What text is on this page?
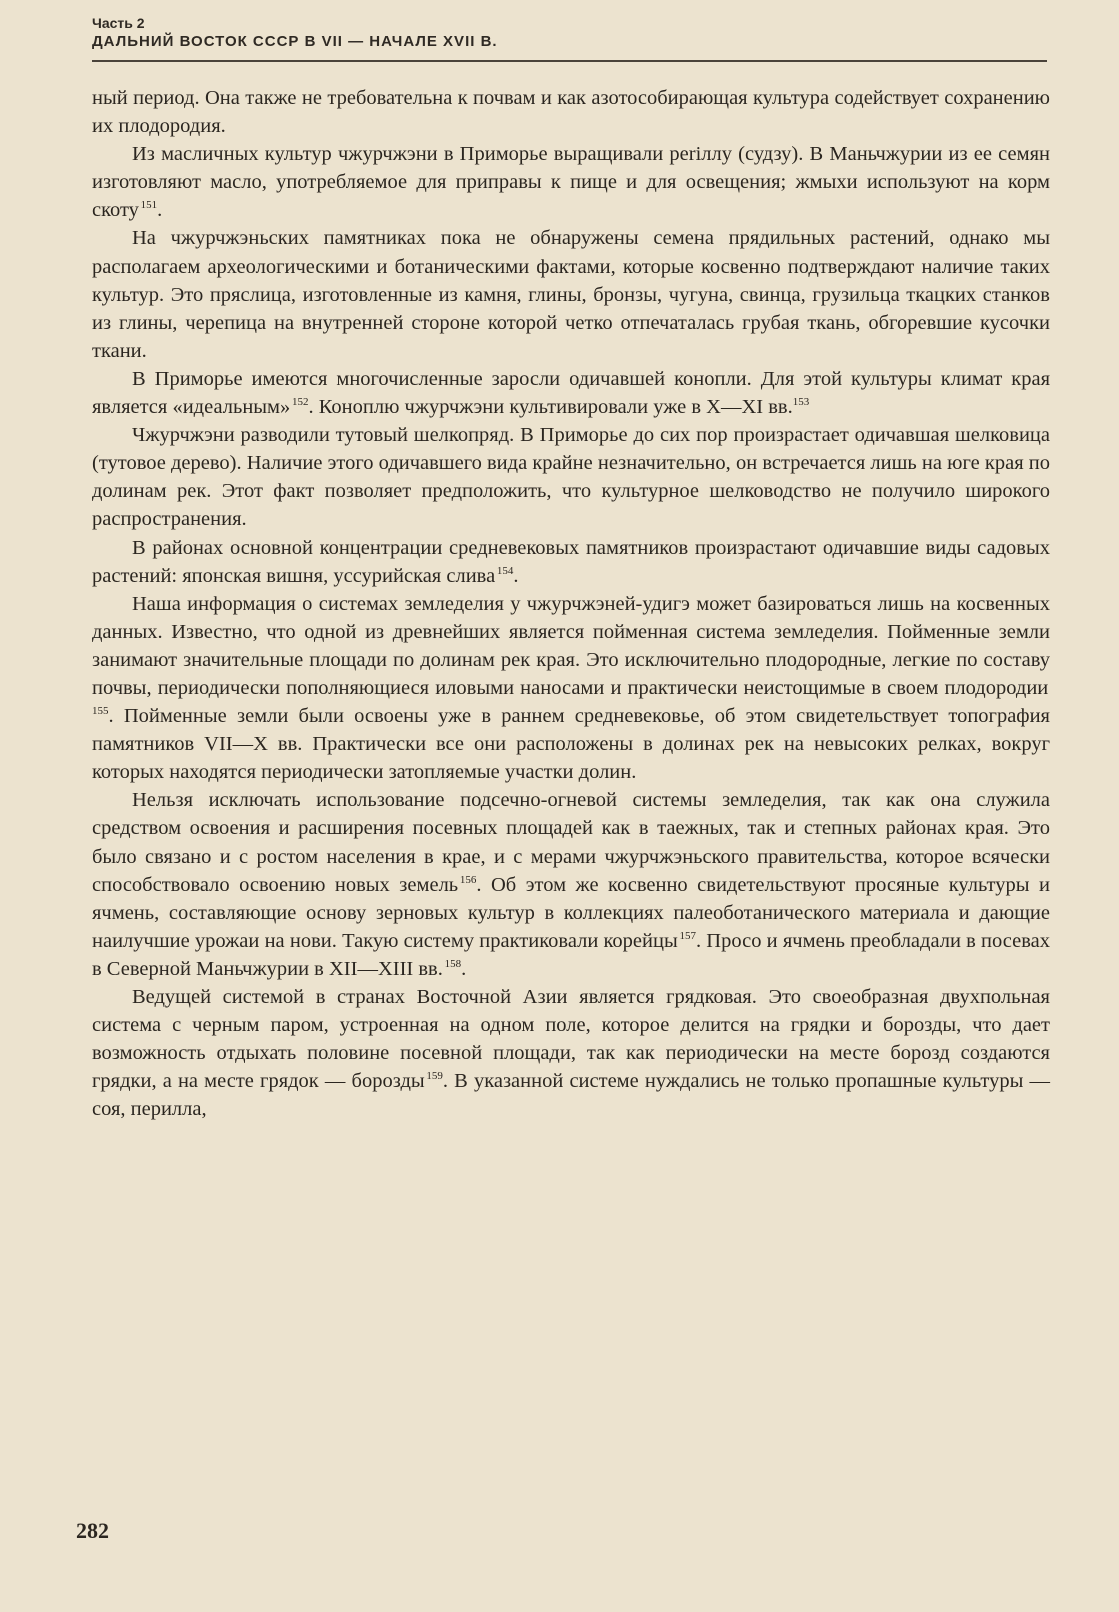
Часть 2
ДАЛЬНИЙ ВОСТОК СССР В VII — НАЧАЛЕ XVII В.

ный период. Она также не требовательна к почвам и как азотособирающая культура содействует сохранению их плодородия.

Из масличных культур чжурчжэни в Приморье выращивали periллу (судзу). В Маньчжурии из ее семян изготовляют масло, употребляемое для приправы к пище и для освещения; жмыхи используют на корм скоту  $^{151}$.

На чжурчжэньских памятниках пока не обнаружены семена прядильных растений, однако мы располагаем археологическими и ботаническими фактами, которые косвенно подтверждают наличие таких культур. Это пряслица, изготовленные из камня, глины, бронзы, чугуна, свинца, грузильца ткацких станков из глины, черепица на внутренней стороне которой четко отпечаталась грубая ткань, обгоревшие кусочки ткани.

В Приморье имеются многочисленные заросли одичавшей конопли. Для этой культуры климат края является «идеальным»  $^{152}$. Коноплю чжурчжэни культивировали уже в X—XI вв.$^{153}$

Чжурчжэни разводили тутовый шелкопряд. В Приморье до сих пор произрастает одичавшая шелковица (тутовое дерево). Наличие этого одичавшего вида крайне незначительно, он встречается лишь на юге края по долинам рек. Этот факт позволяет предположить, что культурное шелководство не получило широкого распространения.

В районах основной концентрации средневековых памятников произрастают одичавшие виды садовых растений: японская вишня, уссурийская слива  $^{154}$.

Наша информация о системах земледелия у чжурчжэней-удигэ может базироваться лишь на косвенных данных. Известно, что одной из древнейших является пойменная система земледелия. Пойменные земли занимают значительные площади по долинам рек края. Это исключительно плодородные, легкие по составу почвы, периодически пополняющиеся иловыми наносами и практически неистощимые в своем плодородии $^{155}$. Пойменные земли были освоены уже в раннем средневековье, об этом свидетельствует топография памятников VII—X вв. Практически все они расположены в долинах рек на невысоких релках, вокруг которых находятся периодически затопляемые участки долин.

Нельзя исключать использование подсечно-огневой системы земледелия, так как она служила средством освоения и расширения посевных площадей как в таежных, так и степных районах края. Это было связано и с ростом населения в крае, и с мерами чжурчжэньского правительства, которое всячески способствовало освоению новых земель  $^{156}$. Об этом же косвенно свидетельствуют просяные культуры и ячмень, составляющие основу зерновых культур в коллекциях палеоботанического материала и дающие наилучшие урожаи на нови. Такую систему практиковали корейцы  $^{157}$. Просо и ячмень преобладали в посевах в Северной Маньчжурии в XII—XIII вв.  $^{158}$.

Ведущей системой в странах Восточной Азии является грядковая. Это своеобразная двухпольная система с черным паром, устроенная на одном поле, которое делится на грядки и борозды, что дает возможность отдыхать половине посевной площади, так как периодически на месте борозд создаются грядки, а на месте грядок — борозды  $^{159}$. В указанной системе нуждались не только пропашные культуры — соя, перилла,

282
